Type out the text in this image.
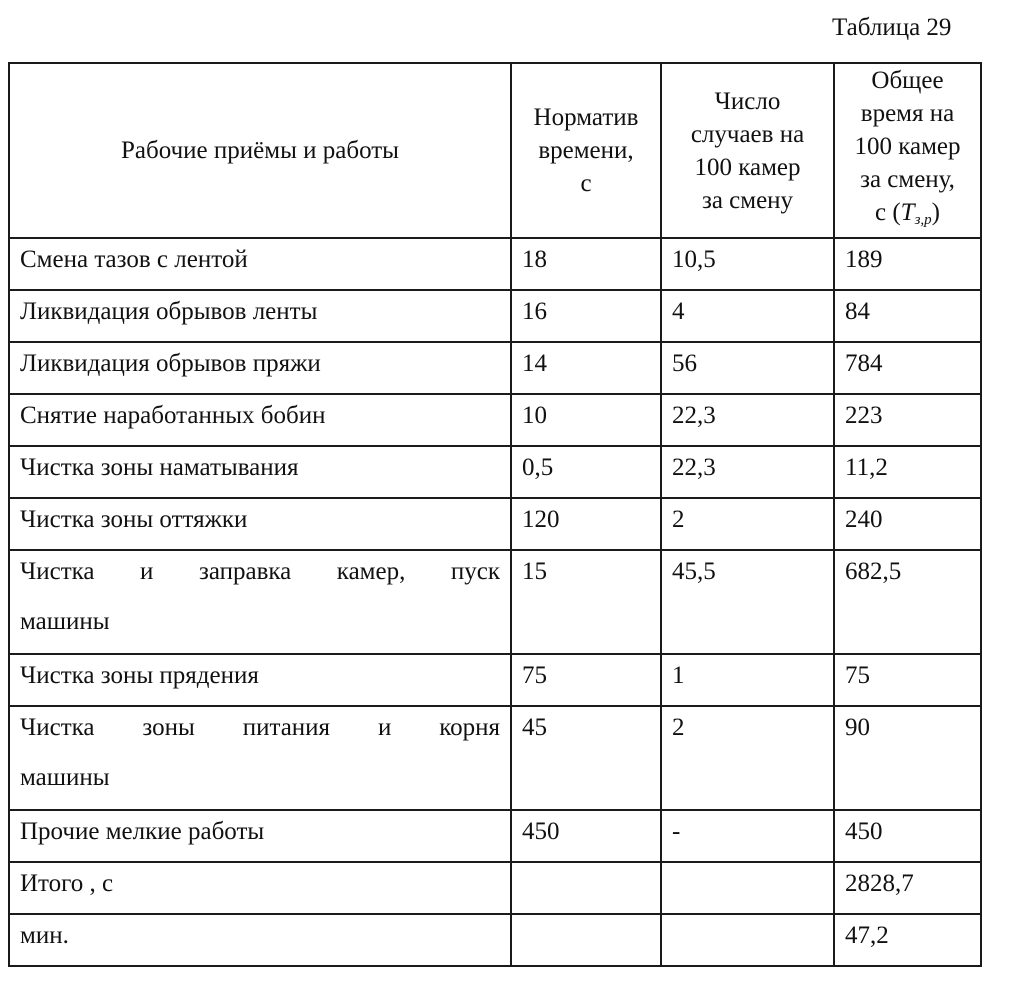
Таблица 29
Рабочие приёмы и работы	Норматив
времени,
с	Число
случаев на
100 камер
за смену	Общее
время на
100 камер
за смену,
с $(T_{з,р})$

Смена тазов с лентой	18	10,5	189

Ликвидация обрывов ленты	16	4	84

Ликвидация обрывов пряжи	14	56	784

Снятие наработанных бобин	10	22,3	223

Чистка зоны наматывания	0,5	22,3	11,2

Чистка зоны оттяжки	120	2	240

Чистка и заправка камер, пуск
машины	15	45,5	682,5

Чистка зоны прядения	75	1	75

Чистка зоны питания и корня
машины	45	2	90

Прочие мелкие работы	450	-	450

Итого , с			2828,7

мин.			47,2
